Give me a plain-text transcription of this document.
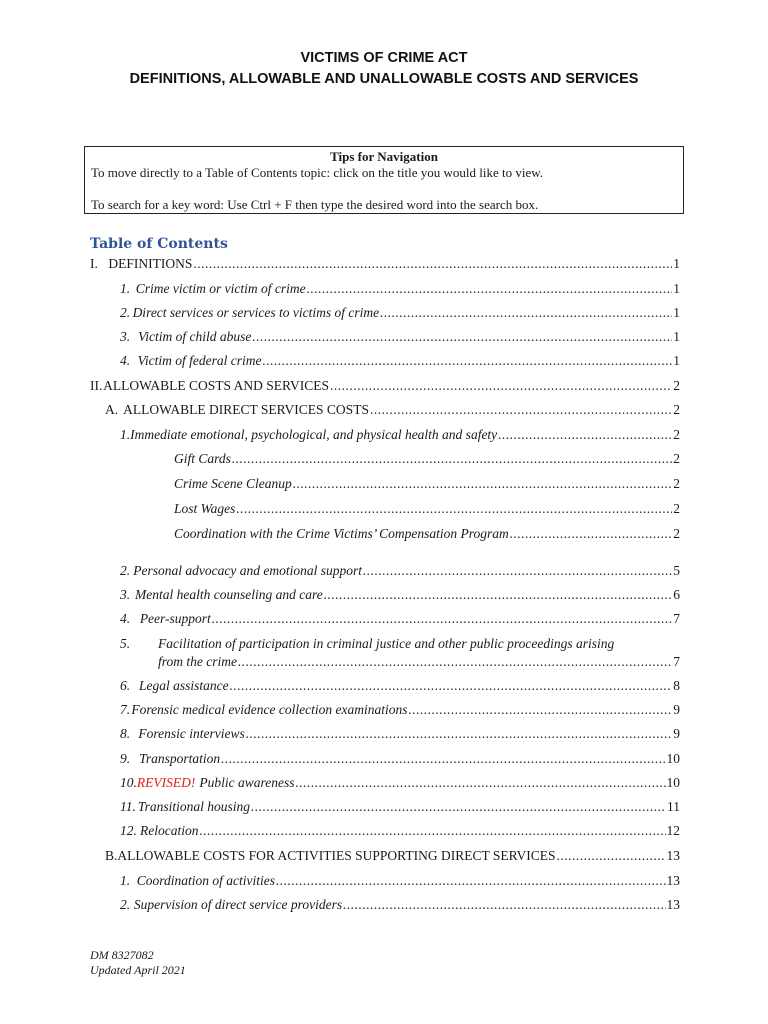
VICTIMS OF CRIME ACT
DEFINITIONS, ALLOWABLE AND UNALLOWABLE COSTS AND SERVICES
Tips for Navigation
To move directly to a Table of Contents topic: click on the title you would like to view.
To search for a key word: Use Ctrl + F then type the desired word into the search box.
Table of Contents
I. DEFINITIONS .....	1
1. Crime victim or victim of crime .....	1
2. Direct services or services to victims of crime .....	1
3. Victim of child abuse .....	1
4. Victim of federal crime .....	1
II. ALLOWABLE COSTS AND SERVICES .....	2
A. ALLOWABLE DIRECT SERVICES COSTS .....	2
1. Immediate emotional, psychological, and physical health and safety .....	2
Gift Cards .....	2
Crime Scene Cleanup .....	2
Lost Wages .....	2
Coordination with the Crime Victims’ Compensation Program .....	2
2. Personal advocacy and emotional support .....	5
3. Mental health counseling and care .....	6
4. Peer-support .....	7
5.	Facilitation of participation in criminal justice and other public proceedings arising
from the crime .....	7
6. Legal assistance .....	8
7. Forensic medical evidence collection examinations .....	9
8. Forensic interviews .....	9
9. Transportation .....	10
10. REVISED! Public awareness .....	10
11. Transitional housing .....	11
12. Relocation .....	12
B. ALLOWABLE COSTS FOR ACTIVITIES SUPPORTING DIRECT SERVICES .....	13
1. Coordination of activities .....	13
2. Supervision of direct service providers .....	13
DM 8327082
Updated April 2021
